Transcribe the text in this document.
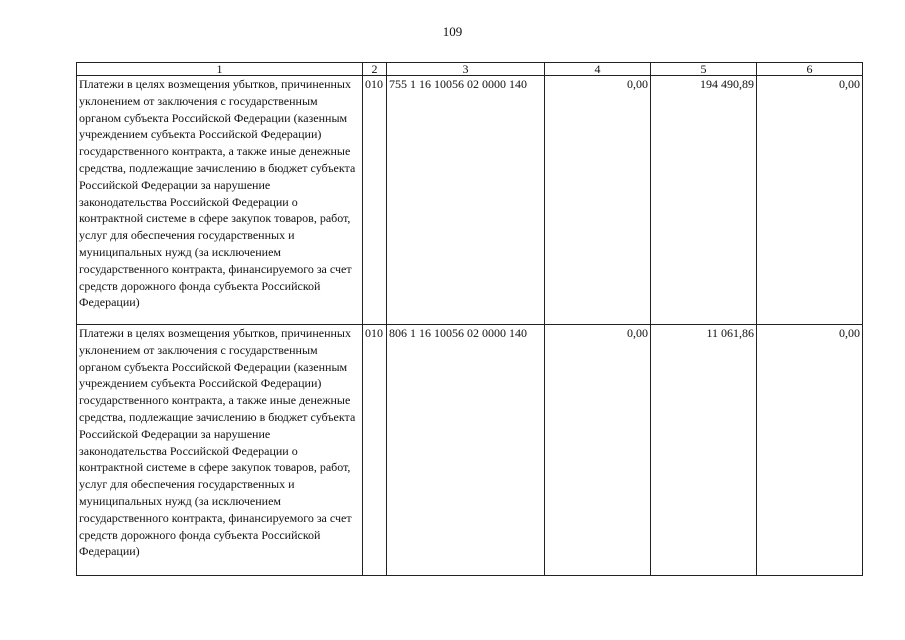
109
1	2	3	4	5	6
Платежи в целях возмещения убытков, причиненных уклонением от заключения с государственным органом субъекта Российской Федерации (казенным учреждением субъекта Российской Федерации) государственного контракта, а также иные денежные средства, подлежащие зачислению в бюджет субъекта Российской Федерации за нарушение законодательства Российской Федерации о контрактной системе в сфере закупок товаров, работ, услуг для обеспечения государственных и муниципальных нужд (за исключением государственного контракта, финансируемого за счет средств дорожного фонда субъекта Российской Федерации)	010	755 1 16 10056 02 0000 140	0,00	194 490,89	0,00
Платежи в целях возмещения убытков, причиненных уклонением от заключения с государственным органом субъекта Российской Федерации (казенным учреждением субъекта Российской Федерации) государственного контракта, а также иные денежные средства, подлежащие зачислению в бюджет субъекта Российской Федерации за нарушение законодательства Российской Федерации о контрактной системе в сфере закупок товаров, работ, услуг для обеспечения государственных и муниципальных нужд (за исключением государственного контракта, финансируемого за счет средств дорожного фонда субъекта Российской Федерации)	010	806 1 16 10056 02 0000 140	0,00	11 061,86	0,00
